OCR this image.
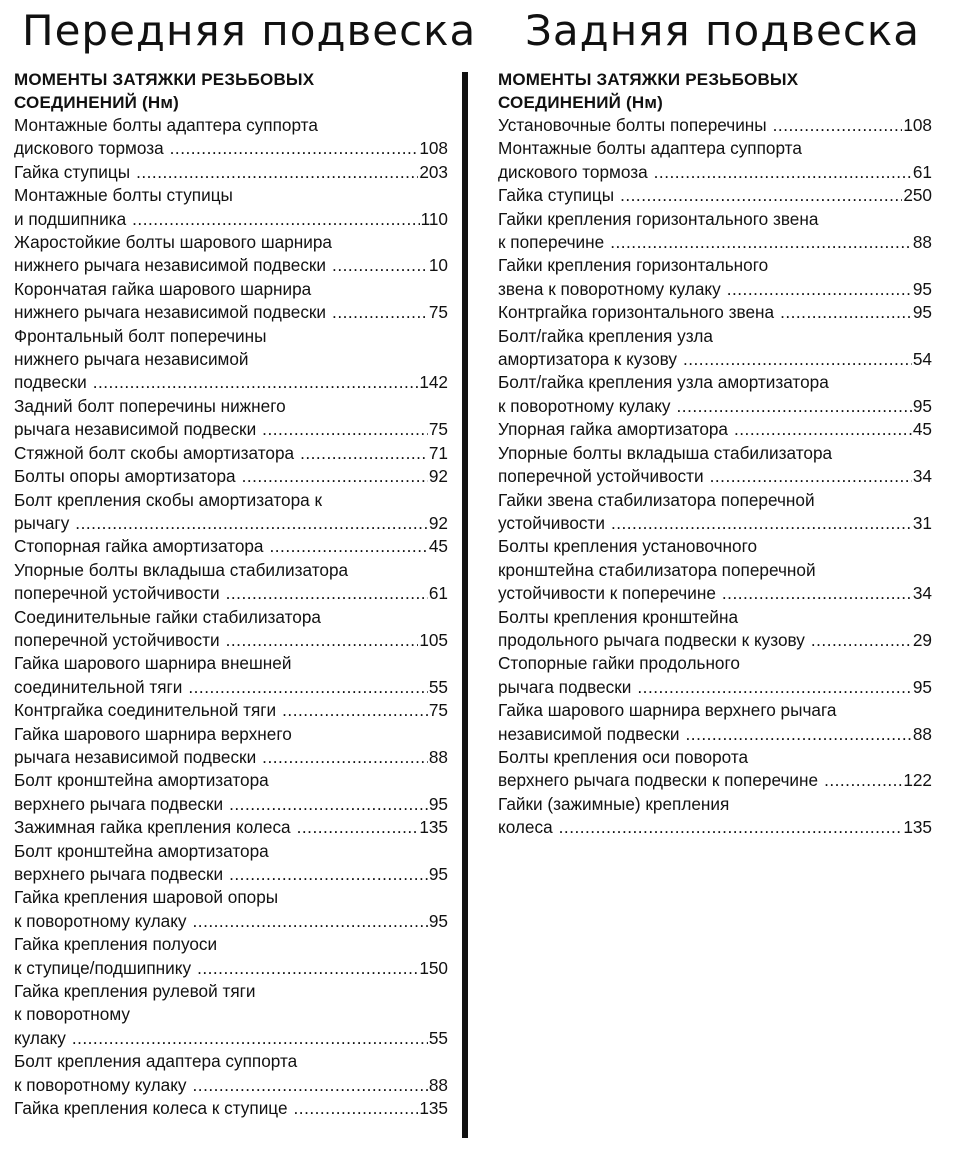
Передняя подвеска Задняя подвеска
МОМЕНТЫ ЗАТЯЖКИ РЕЗЬБОВЫХ
СОЕДИНЕНИЙ (Нм)
Монтажные болты адаптера суппорта
дискового тормоза .....	108
Гайка ступицы .....	203
Монтажные болты ступицы
и подшипника .....	110
Жаростойкие болты шарового шарнира
нижнего рычага независимой подвески .....	10
Корончатая гайка шарового шарнира
нижнего рычага независимой подвески .....	75
Фронтальный болт поперечины
нижнего рычага независимой
подвески .....	142
Задний болт поперечины нижнего
рычага независимой подвески .....	75
Стяжной болт скобы амортизатора .....	71
Болты опоры амортизатора .....	92
Болт крепления скобы амортизатора к
рычагу .....	92
Стопорная гайка амортизатора .....	45
Упорные болты вкладыша стабилизатора
поперечной устойчивости .....	61
Соединительные гайки стабилизатора
поперечной устойчивости .....	105
Гайка шарового шарнира внешней
соединительной тяги .....	55
Контргайка соединительной тяги .....	75
Гайка шарового шарнира верхнего
рычага независимой подвески .....	88
Болт кронштейна амортизатора
верхнего рычага подвески .....	95
Зажимная гайка крепления колеса .....	135
Болт кронштейна амортизатора
верхнего рычага подвески .....	95
Гайка крепления шаровой опоры
к поворотному кулаку .....	95
Гайка крепления полуоси
к ступице/подшипнику .....	150
Гайка крепления рулевой тяги
к поворотному
кулаку .....	55
Болт крепления адаптера суппорта
к поворотному кулаку .....	88
Гайка крепления колеса к ступице .....	135
МОМЕНТЫ ЗАТЯЖКИ РЕЗЬБОВЫХ
СОЕДИНЕНИЙ (Нм)
Установочные болты поперечины .....	108
Монтажные болты адаптера суппорта
дискового тормоза .....	61
Гайка ступицы .....	250
Гайки крепления горизонтального звена
к поперечине .....	88
Гайки крепления горизонтального
звена к поворотному кулаку .....	95
Контргайка горизонтального звена .....	95
Болт/гайка крепления узла
амортизатора к кузову .....	54
Болт/гайка крепления узла амортизатора
к поворотному кулаку .....	95
Упорная гайка амортизатора .....	45
Упорные болты вкладыша стабилизатора
поперечной устойчивости .....	34
Гайки звена стабилизатора поперечной
устойчивости .....	31
Болты крепления установочного
кронштейна стабилизатора поперечной
устойчивости к поперечине .....	34
Болты крепления кронштейна
продольного рычага подвески к кузову .....	29
Стопорные гайки продольного
рычага подвески .....	95
Гайка шарового шарнира верхнего рычага
независимой подвески .....	88
Болты крепления оси поворота
верхнего рычага подвески к поперечине .....	122
Гайки (зажимные) крепления
колеса .....	135
